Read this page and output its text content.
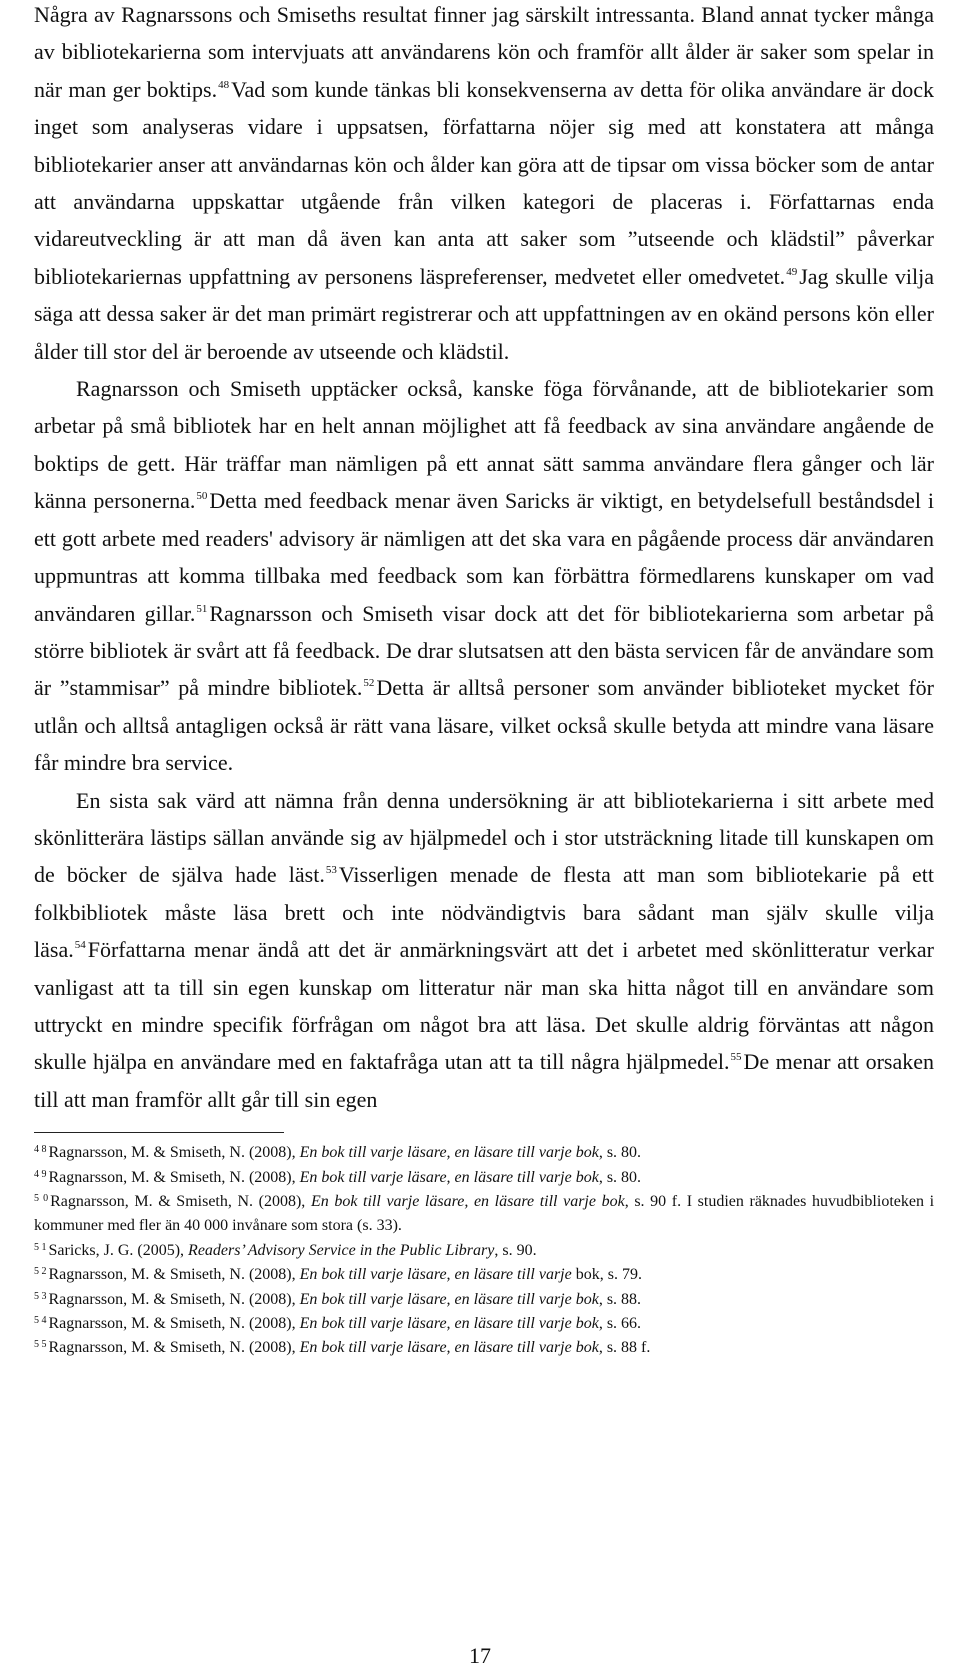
Några av Ragnarssons och Smiseths resultat finner jag särskilt intressanta. Bland annat tycker många av bibliotekarierna som intervjuats att användarens kön och framför allt ålder är saker som spelar in när man ger boktips.$^{48}$Vad som kunde tänkas bli konsekvenserna av detta för olika användare är dock inget som analyseras vidare i uppsatsen, författarna nöjer sig med att konstatera att många bibliotekarier anser att användarnas kön och ålder kan göra att de tipsar om vissa böcker som de antar att användarna uppskattar utgående från vilken kategori de placeras i. Författarnas enda vidareutveckling är att man då även kan anta att saker som ”utseende och klädstil” påverkar bibliotekariernas uppfattning av personens läspreferenser, medvetet eller omedvetet.$^{49}$Jag skulle vilja säga att dessa saker är det man primärt registrerar och att uppfattningen av en okänd persons kön eller ålder till stor del är beroende av utseende och klädstil.

Ragnarsson och Smiseth upptäcker också, kanske föga förvånande, att de bibliotekarier som arbetar på små bibliotek har en helt annan möjlighet att få feedback av sina användare angående de boktips de gett. Här träffar man nämligen på ett annat sätt samma användare flera gånger och lär känna personerna.$^{50}$Detta med feedback menar även Saricks är viktigt, en betydelsefull beståndsdel i ett gott arbete med readers' advisory är nämligen att det ska vara en pågående process där användaren uppmuntras att komma tillbaka med feedback som kan förbättra förmedlarens kunskaper om vad användaren gillar.$^{51}$Ragnarsson och Smiseth visar dock att det för bibliotekarierna som arbetar på större bibliotek är svårt att få feedback. De drar slutsatsen att den bästa servicen får de användare som är ”stammisar” på mindre bibliotek.$^{52}$Detta är alltså personer som använder biblioteket mycket för utlån och alltså antagligen också är rätt vana läsare, vilket också skulle betyda att mindre vana läsare får mindre bra service.

En sista sak värd att nämna från denna undersökning är att bibliotekarierna i sitt arbete med skönlitterära lästips sällan använde sig av hjälpmedel och i stor utsträckning litade till kunskapen om de böcker de själva hade läst.$^{53}$Visserligen menade de flesta att man som bibliotekarie på ett folkbibliotek måste läsa brett och inte nödvändigtvis bara sådant man själv skulle vilja läsa.$^{54}$Författarna menar ändå att det är anmärkningsvärt att det i arbetet med skönlitteratur verkar vanligast att ta till sin egen kunskap om litteratur när man ska hitta något till en användare som uttryckt en mindre specifik förfrågan om något bra att läsa. Det skulle aldrig förväntas att någon skulle hjälpa en användare med en faktafråga utan att ta till några hjälpmedel.$^{55}$De menar att orsaken till att man framför allt går till sin egen

$^{4 8}$ Ragnarsson, M. & Smiseth, N. (2008), En bok till varje läsare, en läsare till varje bok, s. 80.

$^{4 9}$ Ragnarsson, M. & Smiseth, N. (2008), En bok till varje läsare, en läsare till varje bok, s. 80.

$^{5 0}$ Ragnarsson, M. & Smiseth, N. (2008), En bok till varje läsare, en läsare till varje bok, s. 90 f. I studien räknades huvudbiblioteken i kommuner med fler än 40 000 invånare som stora (s. 33).

$^{5 1}$ Saricks, J. G. (2005), Readers’ Advisory Service in the Public Library, s. 90.

$^{5 2}$ Ragnarsson, M. & Smiseth, N. (2008), En bok till varje läsare, en läsare till varje bok, s. 79.

$^{5 3}$ Ragnarsson, M. & Smiseth, N. (2008), En bok till varje läsare, en läsare till varje bok, s. 88.

$^{5 4}$ Ragnarsson, M. & Smiseth, N. (2008), En bok till varje läsare, en läsare till varje bok, s. 66.

$^{5 5}$ Ragnarsson, M. & Smiseth, N. (2008), En bok till varje läsare, en läsare till varje bok, s. 88 f.

17
